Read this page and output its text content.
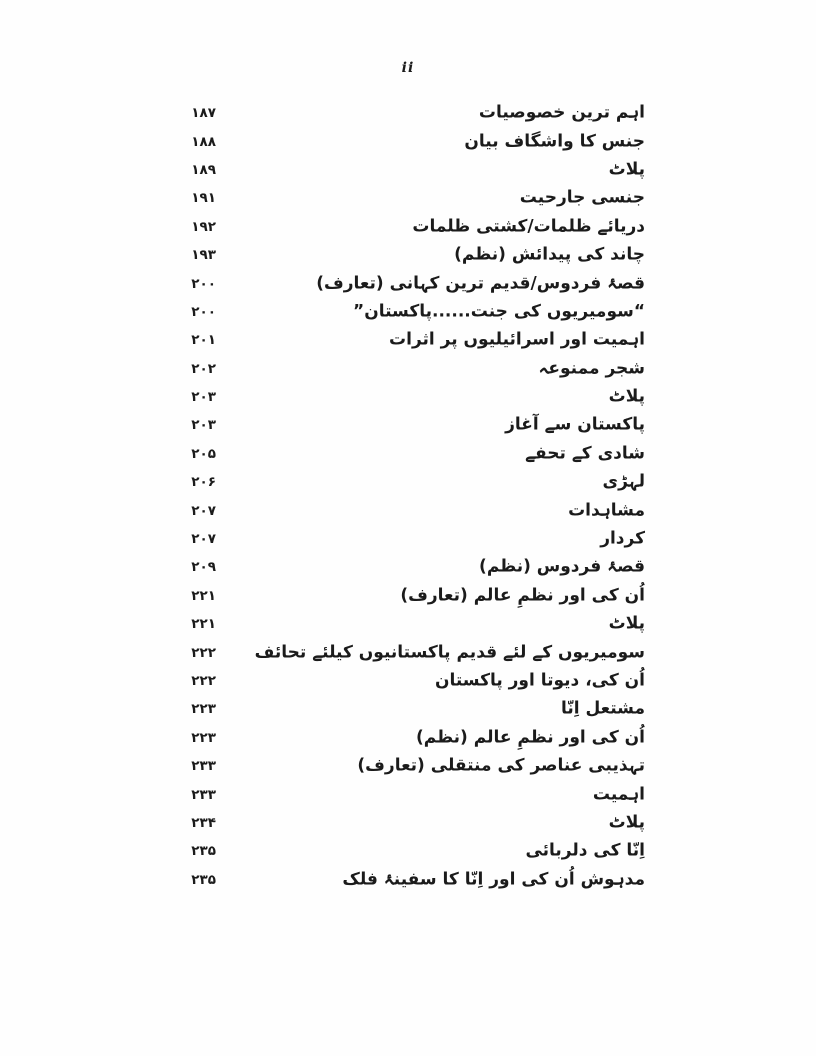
ii
۱۸۷	اہم ترین خصوصیات
۱۸۸	جنس کا واشگاف بیان
۱۸۹	پلاٹ
۱۹۱	جنسی جارحیت
۱۹۲	دریائے ظلمات/کشتی ظلمات
۱۹۳	چاند کی پیدائش (نظم)
۲۰۰	قصۂ فردوس/قدیم ترین کہانی (تعارف)
۲۰۰	“سومیریوں کی جنت......پاکستان”
۲۰۱	اہمیت اور اسرائیلیوں پر اثرات
۲۰۲	شجر ممنوعہ
۲۰۳	پلاٹ
۲۰۳	پاکستان سے آغاز
۲۰۵	شادی کے تحفے
۲۰۶	لہڑی
۲۰۷	مشاہدات
۲۰۷	کردار
۲۰۹	قصۂ فردوس (نظم)
۲۲۱	اُن کی اور نظمِ عالم (تعارف)
۲۲۱	پلاٹ
۲۲۲ سومیریوں کے لئے قدیم پاکستانیوں کیلئے تحائف
۲۲۲	اُن کی، دیوتا اور پاکستان
۲۲۳	مشتعل اِنّا
۲۲۳	اُن کی اور نظمِ عالم (نظم)
۲۳۳	تہذیبی عناصر کی منتقلی (تعارف)
۲۳۳	اہمیت
۲۳۴	پلاٹ
۲۳۵	اِنّا کی دلربائی
۲۳۵	مدہوش اُن کی اور اِنّا کا سفینۂ فلک
